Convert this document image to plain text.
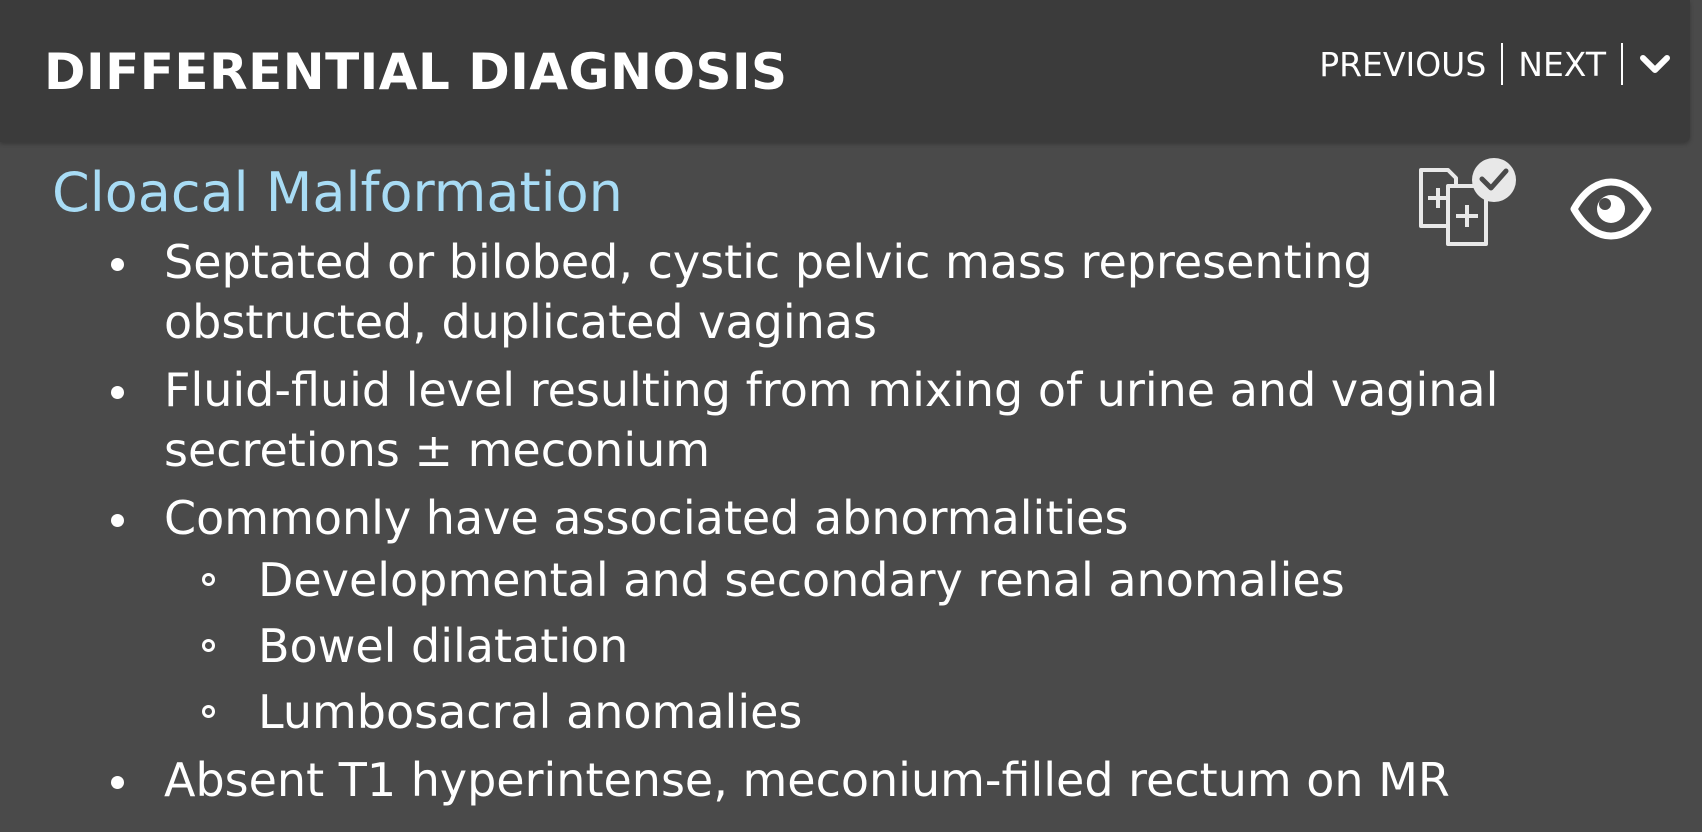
DIFFERENTIAL DIAGNOSIS	PREVIOUS NEXT
Cloacal Malformation
Septated or bilobed, cystic pelvic mass representing obstructed, duplicated vaginas
Fluid-fluid level resulting from mixing of urine and vaginal secretions ± meconium
Commonly have associated abnormalities
Developmental and secondary renal anomalies
Bowel dilatation
Lumbosacral anomalies
Absent T1 hyperintense, meconium-filled rectum on MR
